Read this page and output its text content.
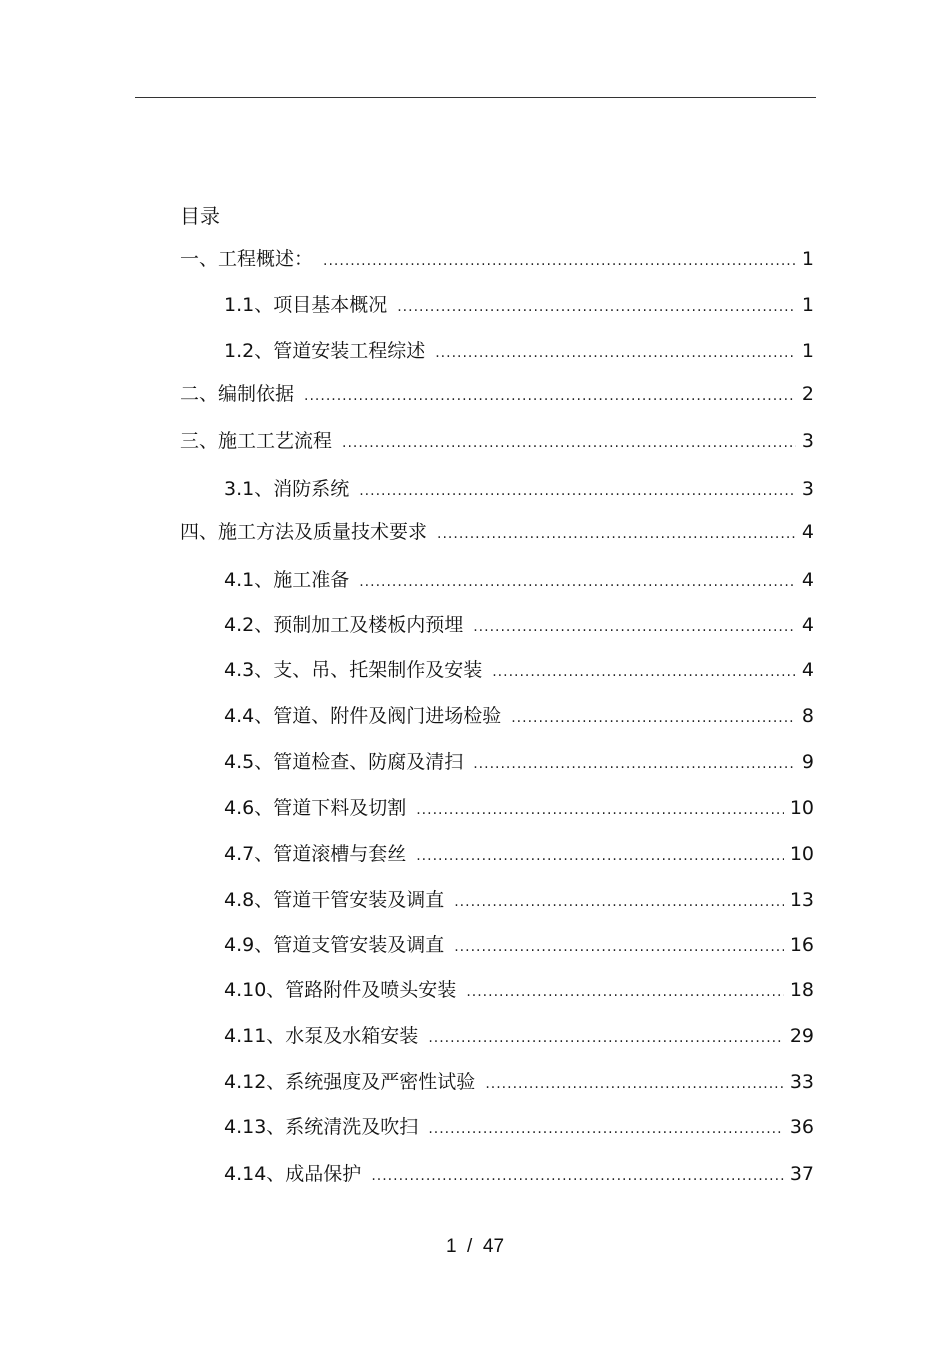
目录
一、工程概述： .....	1
1.1、项目基本概况 .....	1
1.2、管道安装工程综述 .....	1
二、编制依据 .....	2
三、施工工艺流程 .....	3
3.1、消防系统 .....	3
四、施工方法及质量技术要求 .....	4
4.1、施工准备 .....	4
4.2、预制加工及楼板内预埋 .....	4
4.3、支、吊、托架制作及安装 .....	4
4.4、管道、附件及阀门进场检验 .....	8
4.5、管道检查、防腐及清扫 .....	9
4.6、管道下料及切割 .....	10
4.7、管道滚槽与套丝 .....	10
4.8、管道干管安装及调直 .....	13
4.9、管道支管安装及调直 .....	16
4.10、管路附件及喷头安装 .....	18
4.11、水泵及水箱安装 .....	29
4.12、系统强度及严密性试验 .....	33
4.13、系统清洗及吹扫 .....	36
4.14、成品保护 .....	37
1  /  47
